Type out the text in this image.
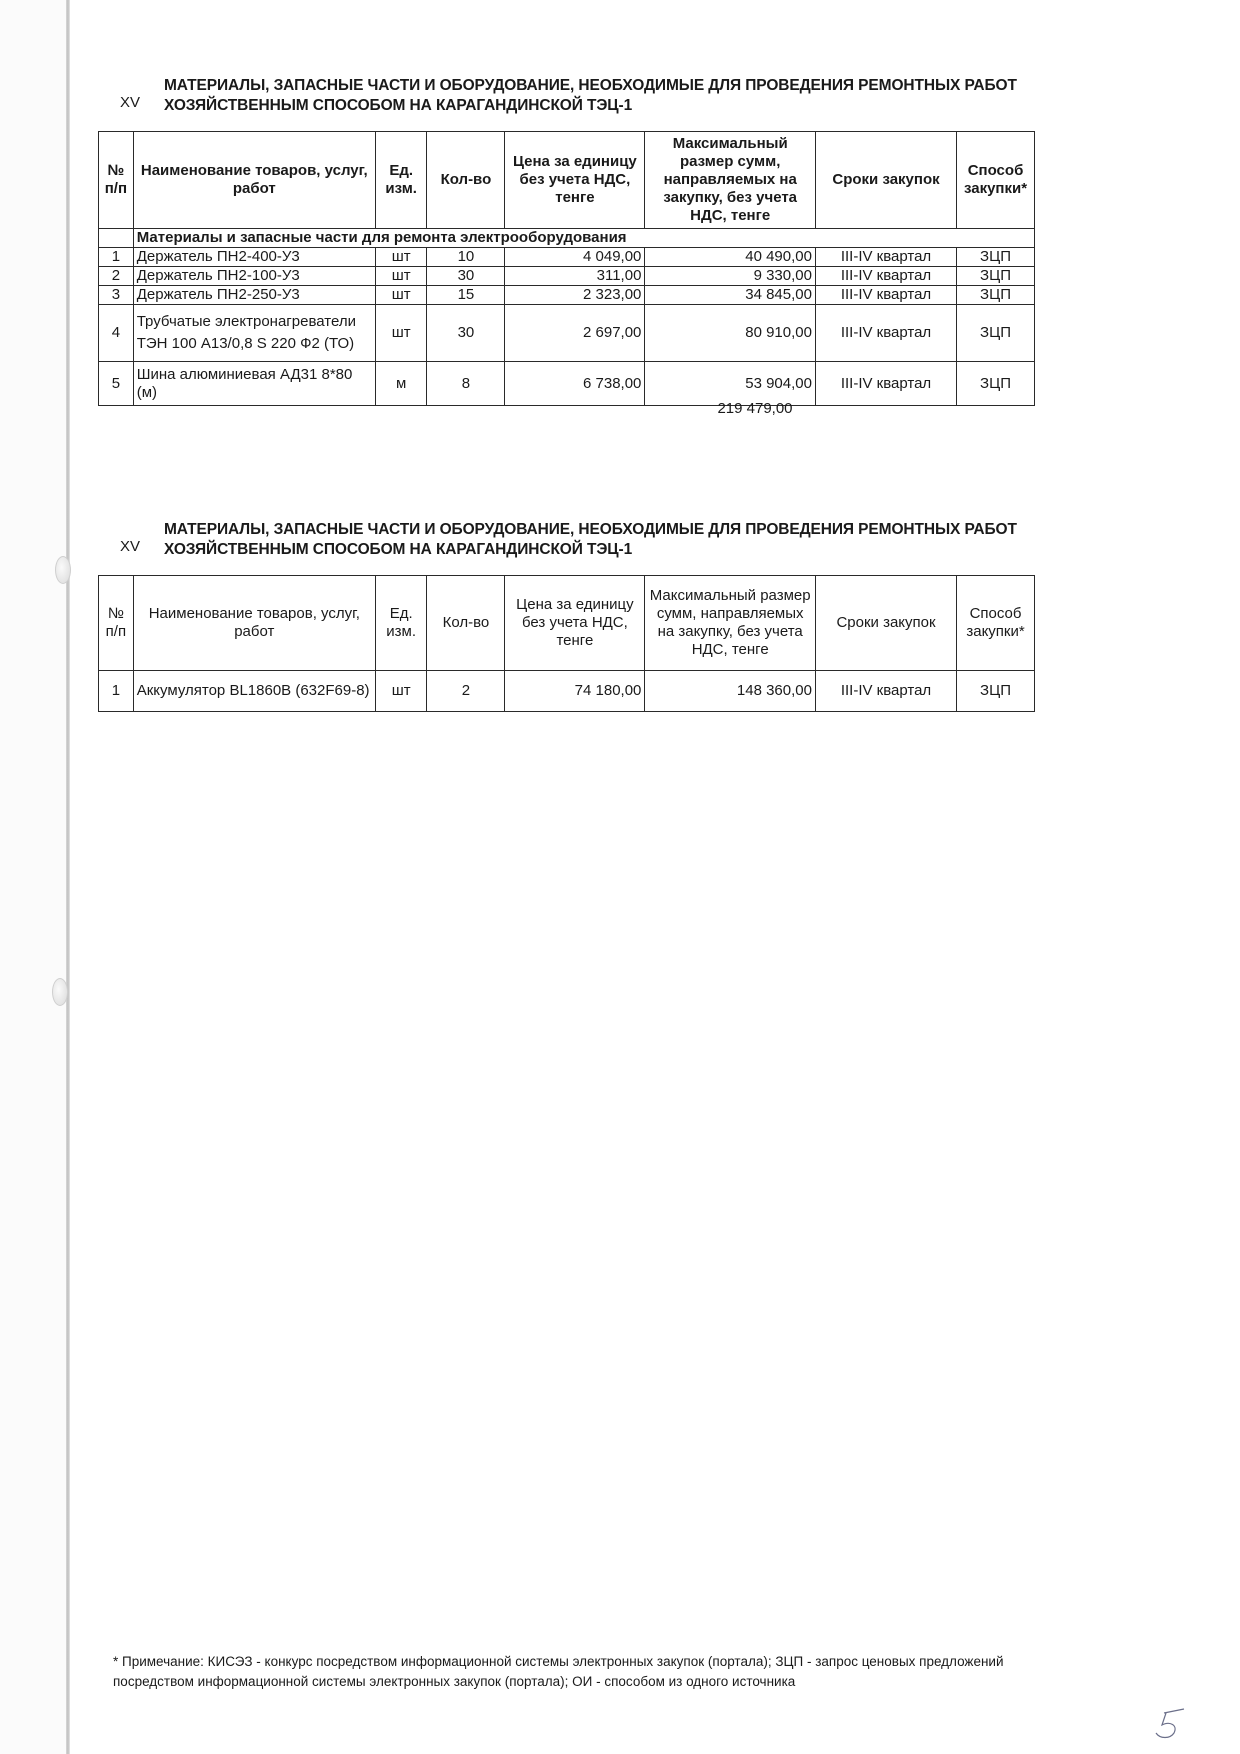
XV
МАТЕРИАЛЫ, ЗАПАСНЫЕ ЧАСТИ И ОБОРУДОВАНИЕ, НЕОБХОДИМЫЕ ДЛЯ ПРОВЕДЕНИЯ РЕМОНТНЫХ РАБОТ
ХОЗЯЙСТВЕННЫМ СПОСОБОМ НА КАРАГАНДИНСКОЙ ТЭЦ-1
№ п/п	Наименование товаров, услуг, работ	Ед. изм.	Кол-во	Цена за единицу без учета НДС, тенге	Максимальный размер сумм, направляемых на закупку, без учета НДС, тенге	Сроки закупок	Способ закупки*
	Материалы и запасные части для ремонта электрооборудования						
1	Держатель ПН2-400-У3	шт	10	4 049,00	40 490,00	III-IV квартал	ЗЦП
2	Держатель ПН2-100-У3	шт	30	311,00	9 330,00	III-IV квартал	ЗЦП
3	Держатель ПН2-250-У3	шт	15	2 323,00	34 845,00	III-IV квартал	ЗЦП
4	Трубчатые электронагреватели ТЭН 100 А13/0,8 S 220 Ф2 (ТО)	шт	30	2 697,00	80 910,00	III-IV квартал	ЗЦП
5	Шина алюминиевая АД31 8*80 (м)	м	8	6 738,00	53 904,00	III-IV квартал	ЗЦП
219 479,00
XV
МАТЕРИАЛЫ, ЗАПАСНЫЕ ЧАСТИ И ОБОРУДОВАНИЕ, НЕОБХОДИМЫЕ ДЛЯ ПРОВЕДЕНИЯ РЕМОНТНЫХ РАБОТ
ХОЗЯЙСТВЕННЫМ СПОСОБОМ НА КАРАГАНДИНСКОЙ ТЭЦ-1
№ п/п	Наименование товаров, услуг, работ	Ед. изм.	Кол-во	Цена за единицу без учета НДС, тенге	Максимальный размер сумм, направляемых на закупку, без учета НДС, тенге	Сроки закупок	Способ закупки*
1	Аккумулятор BL1860B (632F69-8)	шт	2	74 180,00	148 360,00	III-IV квартал	ЗЦП
* Примечание: КИСЭЗ - конкурс посредством информационной системы электронных закупок (портала); ЗЦП - запрос ценовых предложений посредством информационной системы электронных закупок (портала); ОИ - способом из одного источника
